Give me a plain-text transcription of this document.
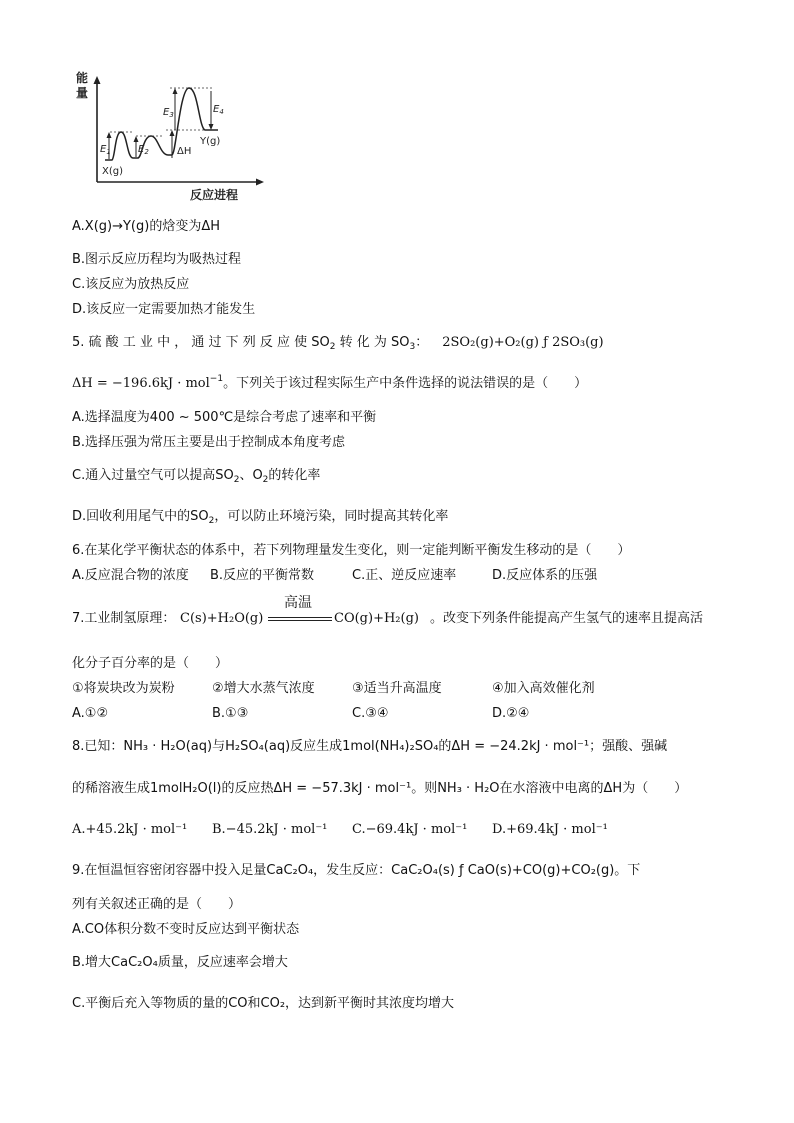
能
量
反应进程
$E_1$	$E_2$
$E_3$	$E_4$
ΔH
X(g)
Y(g)
A.X(g)→Y(g)的焓变为ΔH
B.图示反应历程均为吸热过程
C.该反应为放热反应
D.该反应一定需要加热才能发生
5. 硫 酸 工 业 中 ， 通 过 下 列 反 应 使 $SO_2$ 转 化 为 $SO_3$： 2SO₂(g)+O₂(g) ƒ 2SO₃(g)
ΔH = −196.6kJ · mol$^{-1}$。下列关于该过程实际生产中条件选择的说法错误的是（　　）
A.选择温度为400 ~ 500℃是综合考虑了速率和平衡
B.选择压强为常压主要是出于控制成本角度考虑
C.通入过量空气可以提高$SO_2$、$O_2$的转化率
D.回收利用尾气中的$SO_2$，可以防止环境污染，同时提高其转化率
6.在某化学平衡状态的体系中，若下列物理量发生变化，则一定能判断平衡发生移动的是（　　）
A.反应混合物的浓度 B.反应的平衡常数	C.正、逆反应速率	D.反应体系的压强
7.工业制氢原理： C(s)+H₂O(g)
高温
CO(g)+H₂(g) 。改变下列条件能提高产生氢气的速率且提高活
化分子百分率的是（　　）
①将炭块改为炭粉	②增大水蒸气浓度	③适当升高温度	④加入高效催化剂
A.①②	B.①③	C.③④	D.②④
8.已知：NH₃ · H₂O(aq)与H₂SO₄(aq)反应生成1mol(NH₄)₂SO₄的ΔH = −24.2kJ · mol⁻¹；强酸、强碱
的稀溶液生成1molH₂O(l)的反应热ΔH = −57.3kJ · mol⁻¹。则NH₃ · H₂O在水溶液中电离的ΔH为（　　）
A.+45.2kJ · mol⁻¹ B.−45.2kJ · mol⁻¹ C.−69.4kJ · mol⁻¹ D.+69.4kJ · mol⁻¹
9.在恒温恒容密闭容器中投入足量CaC₂O₄，发生反应：CaC₂O₄(s) ƒ CaO(s)+CO(g)+CO₂(g)。下
列有关叙述正确的是（　　）
A.CO体积分数不变时反应达到平衡状态
B.增大CaC₂O₄质量，反应速率会增大
C.平衡后充入等物质的量的CO和CO₂，达到新平衡时其浓度均增大
